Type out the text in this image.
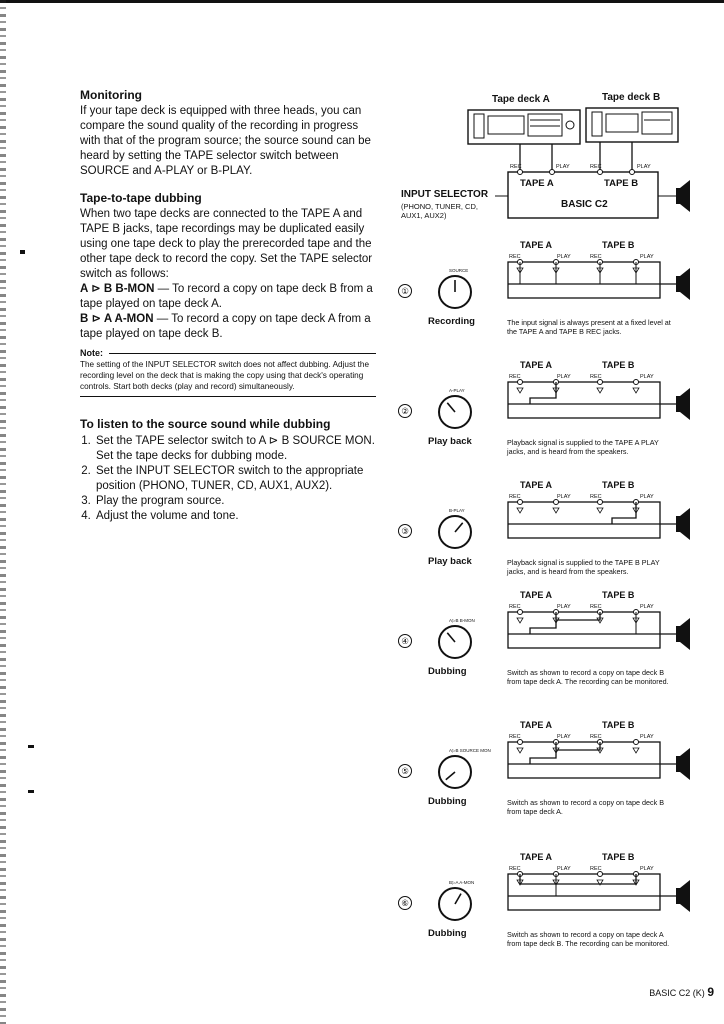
Monitoring

If your tape deck is equipped with three heads, you can compare the sound quality of the recording in progress with that of the program source; the source sound can be heard by setting the TAPE selector switch between SOURCE and A-PLAY or B-PLAY.

Tape-to-tape dubbing

When two tape decks are connected to the TAPE A and TAPE B jacks, tape recordings may be duplicated easily using one tape deck to play the prerecorded tape and the other tape deck to record the copy. Set the TAPE selector switch as follows:

A ⊳ B B-MON — To record a copy on tape deck B from a tape played on tape deck A.

B ⊳ A A-MON — To record a copy on tape deck A from a tape played on tape deck B.

Note:
The setting of the INPUT SELECTOR switch does not affect dubbing. Adjust the recording level on the deck that is making the copy using that deck's operating controls. Start both decks (play and record) simultaneously.
To listen to the source sound while dubbing
1. Set the TAPE selector switch to A ⊳ B SOURCE MON. Set the tape decks for dubbing mode.
2. Set the INPUT SELECTOR switch to the appropriate position (PHONO, TUNER, CD, AUX1, AUX2).
3. Play the program source.
4. Adjust the volume and tone.
Tape deck A	Tape deck B
REC	PLAY	REC	PLAY
TAPE A	TAPE B
BASIC C2
INPUT SELECTOR
(PHONO, TUNER, CD, AUX1, AUX2)
①
Recording	The input signal is always present at a fixed level at the TAPE A and TAPE B REC jacks.
SOURCE
TAPE A	TAPE B
REC	PLAY	REC	PLAY
②
Play back	Playback signal is supplied to the TAPE A PLAY jacks, and is heard from the speakers.
A-PLAY
TAPE A	TAPE B
REC	PLAY	REC	PLAY
③
Play back	Playback signal is supplied to the TAPE B PLAY jacks, and is heard from the speakers.
B-PLAY
TAPE A	TAPE B
REC	PLAY	REC	PLAY
④
Dubbing	Switch as shown to record a copy on tape deck B from tape deck A. The recording can be monitored.
A▷B B-MON
TAPE A	TAPE B
REC	PLAY	REC	PLAY
⑤
Dubbing	Switch as shown to record a copy on tape deck B from tape deck A.
A▷B SOURCE MON
TAPE A	TAPE B
REC	PLAY	REC	PLAY
⑥
Dubbing	Switch as shown to record a copy on tape deck A from tape deck B. The recording can be monitored.
B▷A A-MON
TAPE A	TAPE B
REC	PLAY	REC	PLAY
BASIC C2 (K) 9
